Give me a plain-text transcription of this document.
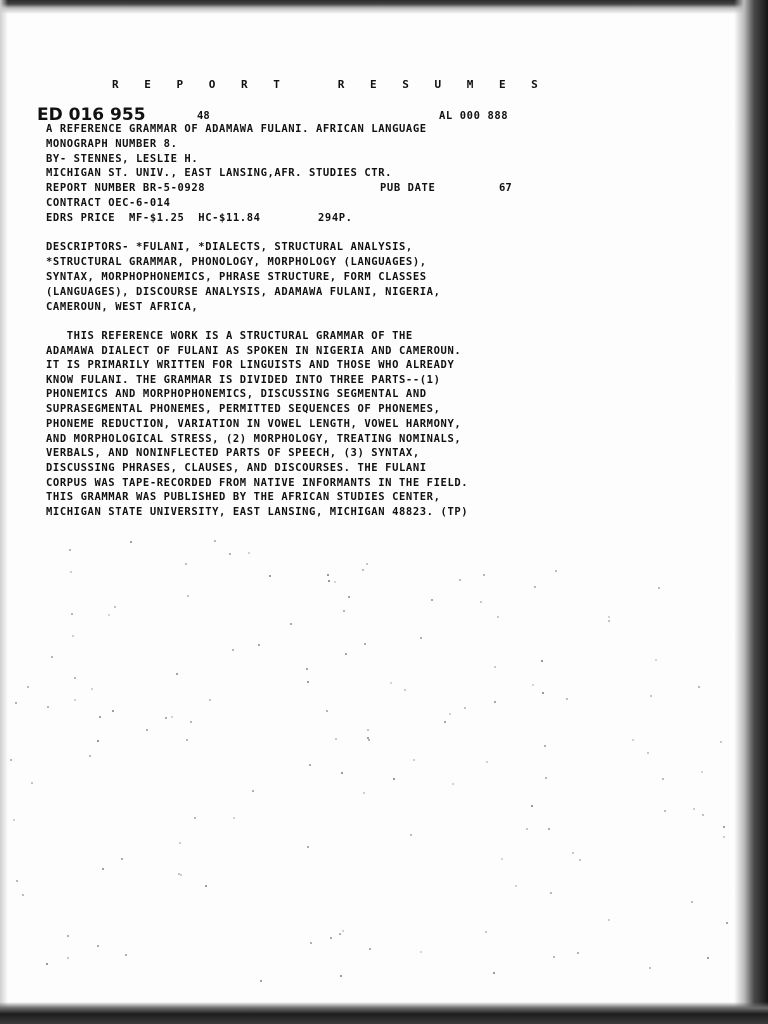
R E P O R T   R E S U M E S
ED 016 955	48	AL 000 888

A REFERENCE GRAMMAR OF ADAMAWA FULANI. AFRICAN LANGUAGE

MONOGRAPH NUMBER 8.

BY- STENNES, LESLIE H.

MICHIGAN ST. UNIV., EAST LANSING,AFR. STUDIES CTR.

REPORT NUMBER BR-5-0928

CONTRACT OEC-6-014

EDRS PRICE  MF-$1.25  HC-$11.84

PUB DATE	67
294P.

DESCRIPTORS- *FULANI, *DIALECTS, STRUCTURAL ANALYSIS,

*STRUCTURAL GRAMMAR, PHONOLOGY, MORPHOLOGY (LANGUAGES),

SYNTAX, MORPHOPHONEMICS, PHRASE STRUCTURE, FORM CLASSES

(LANGUAGES), DISCOURSE ANALYSIS, ADAMAWA FULANI, NIGERIA,

CAMEROUN, WEST AFRICA,

THIS REFERENCE WORK IS A STRUCTURAL GRAMMAR OF THE

ADAMAWA DIALECT OF FULANI AS SPOKEN IN NIGERIA AND CAMEROUN.

IT IS PRIMARILY WRITTEN FOR LINGUISTS AND THOSE WHO ALREADY

KNOW FULANI. THE GRAMMAR IS DIVIDED INTO THREE PARTS--(1)

PHONEMICS AND MORPHOPHONEMICS, DISCUSSING SEGMENTAL AND

SUPRASEGMENTAL PHONEMES, PERMITTED SEQUENCES OF PHONEMES,

PHONEME REDUCTION, VARIATION IN VOWEL LENGTH, VOWEL HARMONY,

AND MORPHOLOGICAL STRESS, (2) MORPHOLOGY, TREATING NOMINALS,

VERBALS, AND NONINFLECTED PARTS OF SPEECH, (3) SYNTAX,

DISCUSSING PHRASES, CLAUSES, AND DISCOURSES. THE FULANI

CORPUS WAS TAPE-RECORDED FROM NATIVE INFORMANTS IN THE FIELD.

THIS GRAMMAR WAS PUBLISHED BY THE AFRICAN STUDIES CENTER,

MICHIGAN STATE UNIVERSITY, EAST LANSING, MICHIGAN 48823. (TP)
